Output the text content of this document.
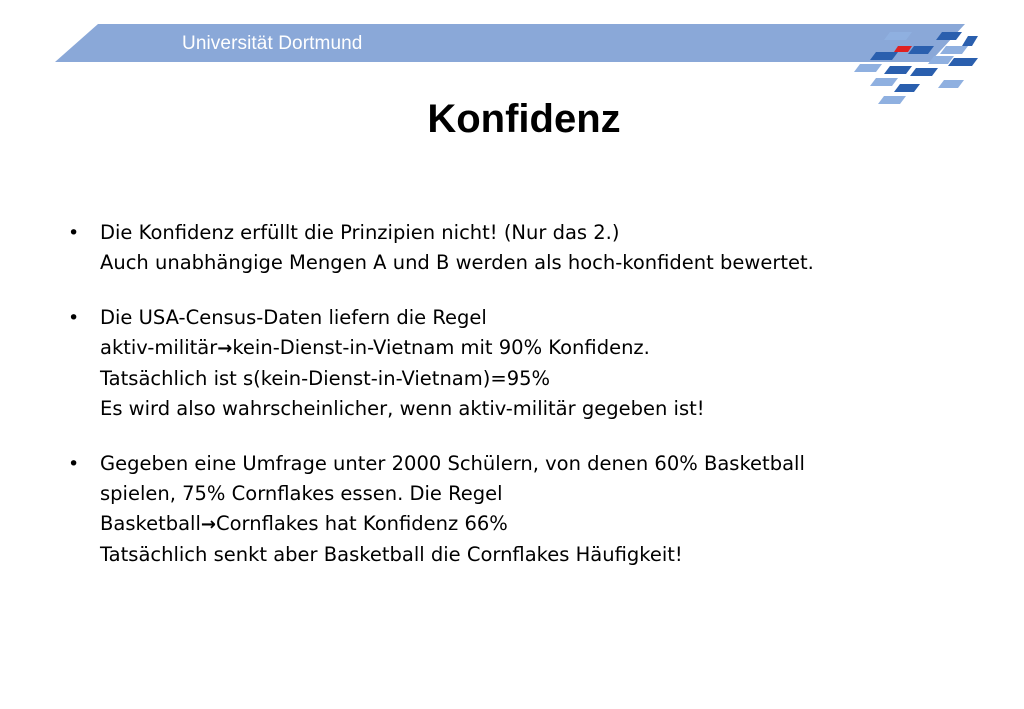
Universität Dortmund
Konfidenz
•	Die Konfidenz erfüllt die Prinzipien nicht! (Nur das 2.)
Auch unabhängige Mengen A und B werden als hoch-konfident bewertet.
•	Die USA-Census-Daten liefern die Regel
aktiv-militär→kein-Dienst-in-Vietnam mit 90% Konfidenz.
Tatsächlich ist s(kein-Dienst-in-Vietnam)=95%
Es wird also wahrscheinlicher, wenn aktiv-militär gegeben ist!
•	Gegeben eine Umfrage unter 2000 Schülern, von denen 60% Basketball
spielen, 75% Cornflakes essen. Die Regel
Basketball→Cornflakes hat Konfidenz 66%
Tatsächlich senkt aber Basketball die Cornflakes Häufigkeit!
